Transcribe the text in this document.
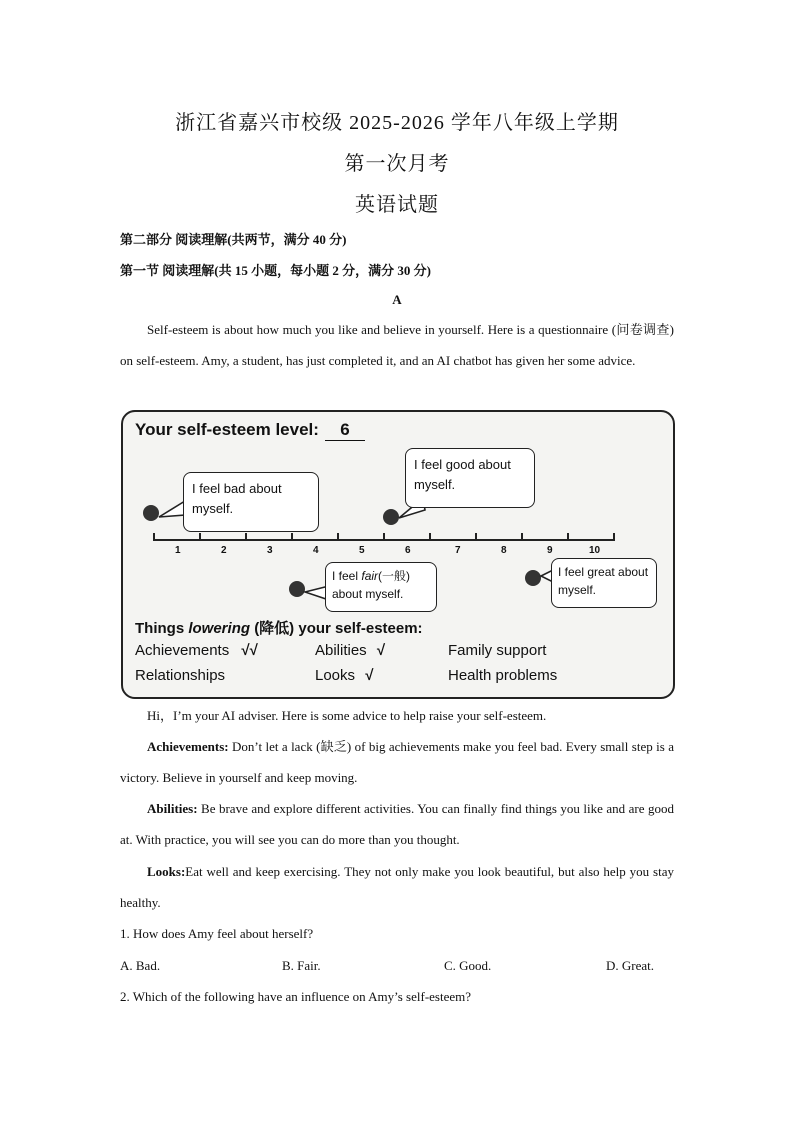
浙江省嘉兴市校级 2025-2026 学年八年级上学期
第一次月考
英语试题
第二部分 阅读理解(共两节，满分 40 分)
第一节 阅读理解(共 15 小题，每小题 2 分，满分 30 分)
A
Self-esteem is about how much you like and believe in yourself. Here is a questionnaire (问卷调查) on self-esteem. Amy, a student, has just completed it, and an AI chatbot has given her some advice.
Your self-esteem level: 6
I feel bad about myself.
I feel good about myself.
1	2	3	4	5	6	7	8	9	10
I feel fair(一般)
about myself.
I feel great about myself.
Things lowering (降低) your self-esteem:
Achievements √√	Abilities √	Family support
Relationships	Looks √	Health problems
Hi，I’m your AI adviser. Here is some advice to help raise your self-esteem.
Achievements: Don’t let a lack (缺乏) of big achievements make you feel bad. Every small step is a victory. Believe in yourself and keep moving.
Abilities: Be brave and explore different activities. You can finally find things you like and are good at. With practice, you will see you can do more than you thought.
Looks:Eat well and keep exercising. They not only make you look beautiful, but also help you stay healthy.
1. How does Amy feel about herself?
A. Bad.	B. Fair.	C. Good.	D. Great.
2. Which of the following have an influence on Amy’s self-esteem?
